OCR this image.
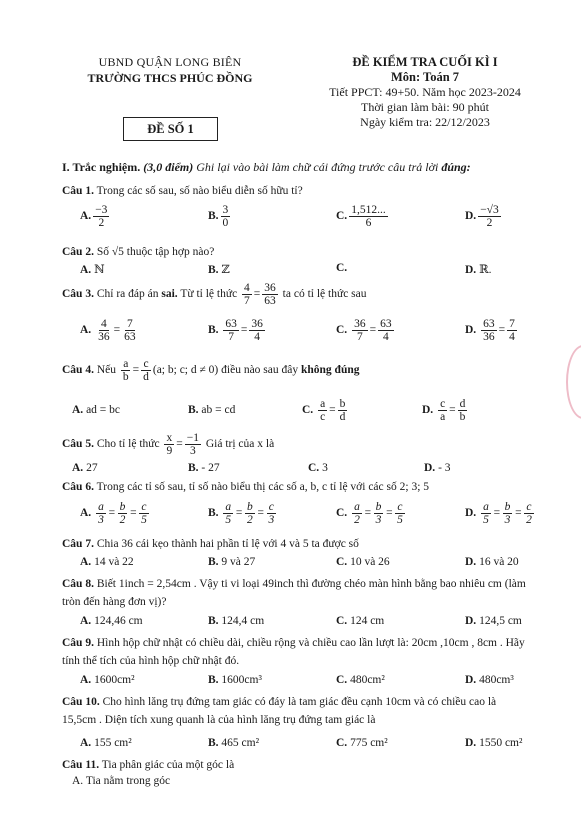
UBND QUẬN LONG BIÊN
TRƯỜNG THCS PHÚC ĐỒNG
ĐỀ SỐ 1
ĐỀ KIỂM TRA CUỐI KÌ I
Môn: Toán 7
Tiết PPCT: 49+50. Năm học 2023-2024
Thời gian làm bài: 90 phút
Ngày kiểm tra: 22/12/2023
I. Trắc nghiệm. (3,0 điểm) Ghi lại vào bài làm chữ cái đứng trước câu trả lời đúng:
Câu 1. Trong các số sau, số nào biểu diễn số hữu tỉ?
A. $\frac{-3}{2}$	B. $\frac{3}{0}$	C. $\frac{1,512...}{6}$	D. $\frac{-√3}{2}$
Câu 2. Số √5 thuộc tập hợp nào?
A. ℕ	B. ℤ	C.	D. ℝ.
Câu 3. Chỉ ra đáp án sai. Từ tỉ lệ thức $\frac{4}{7} = \frac{36}{63}$ ta có tỉ lệ thức sau
A. $\frac{4}{36} = \frac{7}{63}$	B. $\frac{63}{7} = \frac{36}{4}$	C. $\frac{36}{7} = \frac{63}{4}$	D. $\frac{63}{36} = \frac{7}{4}$
Câu 4. Nếu $\frac{a}{b} = \frac{c}{d} (a$; b; c; d ≠ 0) điều nào sau đây không đúng
A. ad = bc	B. ab = cd	C. $\frac{a}{c} = \frac{b}{d}$	D. $\frac{c}{a} = \frac{d}{b}$
Câu 5. Cho tỉ lệ thức $\frac{x}{9} = \frac{-1}{3}$ Giá trị của x là
A. 27	B. - 27	C. 3	D. - 3
Câu 6. Trong các tỉ số sau, tỉ số nào biểu thị các số a, b, c tỉ lệ với các số 2; 3; 5
A. $\frac{a}{3} = \frac{b}{2} = \frac{c}{5}$	B. $\frac{a}{5} = \frac{b}{2} = \frac{c}{3}$	C. $\frac{a}{2} = \frac{b}{3} = \frac{c}{5}$	D. $\frac{a}{5} = \frac{b}{3} = \frac{c}{2}$
Câu 7. Chia 36 cái kẹo thành hai phần tỉ lệ với 4 và 5 ta được số
A. 14 và 22	B. 9 và 27	C. 10 và 26	D. 16 và 20
Câu 8. Biết 1inch = 2,54cm . Vậy ti vi loại 49inch thì đường chéo màn hình bằng bao nhiêu cm (làm tròn đến hàng đơn vị)?
A. 124,46 cm	B. 124,4 cm	C. 124 cm	D. 124,5 cm
Câu 9. Hình hộp chữ nhật có chiều dài, chiều rộng và chiều cao lần lượt là: 20cm ,10cm , 8cm . Hãy tính thể tích của hình hộp chữ nhật đó.
A. 1600cm²	B. 1600cm³	C. 480cm²	D. 480cm³
Câu 10. Cho hình lăng trụ đứng tam giác có đáy là tam giác đều cạnh 10cm và có chiều cao là 15,5cm . Diện tích xung quanh là của hình lăng trụ đứng tam giác là
A. 155 cm²	B. 465 cm²	C. 775 cm²	D. 1550 cm²
Câu 11. Tia phân giác của một góc là
A. Tia nằm trong góc
